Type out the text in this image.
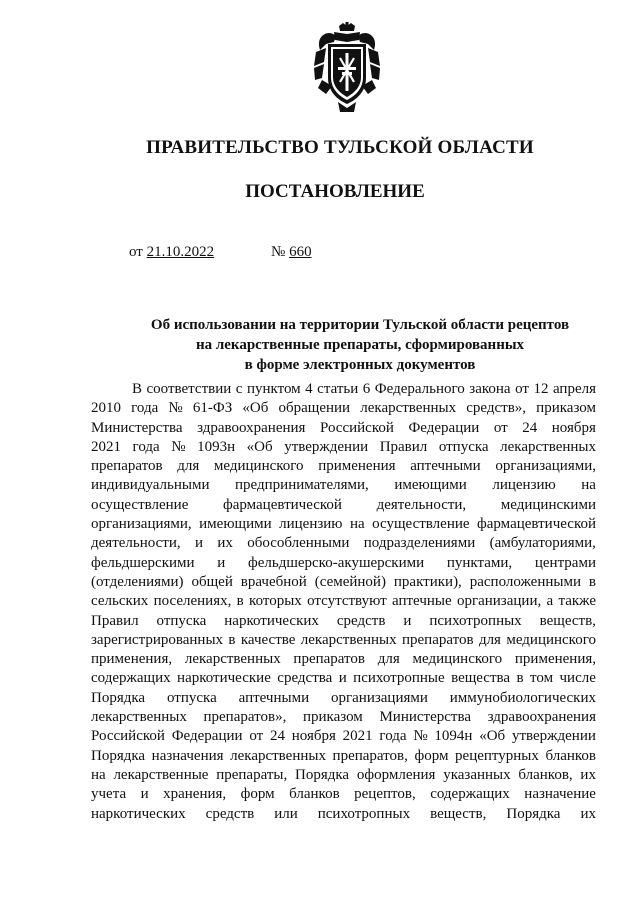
ПРАВИТЕЛЬСТВО ТУЛЬСКОЙ ОБЛАСТИ
ПОСТАНОВЛЕНИЕ
от 21.10.2022	№ 660
Об использовании на территории Тульской области рецептов
на лекарственные препараты, сформированных
в форме электронных документов
В соответствии с пунктом 4 статьи 6 Федерального закона от 12 апреля
2010 года № 61-ФЗ «Об обращении лекарственных средств», приказом
Министерства здравоохранения Российской Федерации от 24 ноября
2021 года № 1093н «Об утверждении Правил отпуска лекарственных
препаратов для медицинского применения аптечными организациями,
индивидуальными предпринимателями, имеющими лицензию на
осуществление фармацевтической деятельности, медицинскими
организациями, имеющими лицензию на осуществление фармацевтической
деятельности, и их обособленными подразделениями (амбулаториями,
фельдшерскими и фельдшерско-акушерскими пунктами, центрами
(отделениями) общей врачебной (семейной) практики), расположенными в
сельских поселениях, в которых отсутствуют аптечные организации, а также
Правил отпуска наркотических средств и психотропных веществ,
зарегистрированных в качестве лекарственных препаратов для медицинского
применения, лекарственных препаратов для медицинского применения,
содержащих наркотические средства и психотропные вещества в том числе
Порядка отпуска аптечными организациями иммунобиологических
лекарственных препаратов», приказом Министерства здравоохранения
Российской Федерации от 24 ноября 2021 года № 1094н «Об утверждении
Порядка назначения лекарственных препаратов, форм рецептурных бланков
на лекарственные препараты, Порядка оформления указанных бланков, их
учета и хранения, форм бланков рецептов, содержащих назначение
наркотических средств или психотропных веществ, Порядка их
